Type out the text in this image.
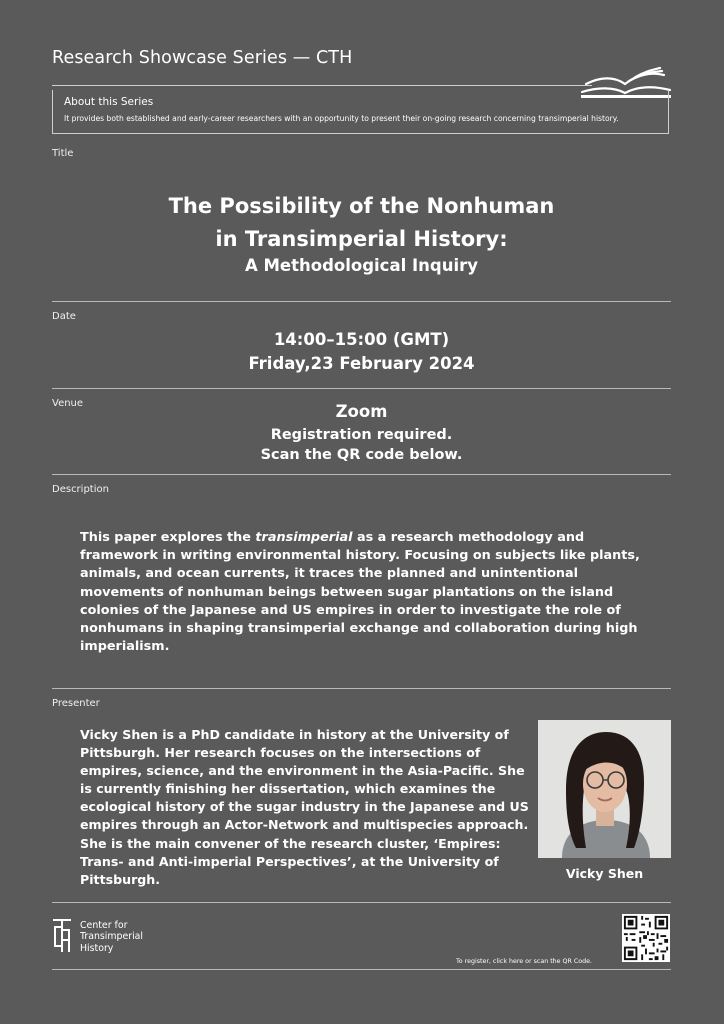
Research Showcase Series — CTH
About this Series
It provides both established and early-career researchers with an opportunity to present their on-going research concerning transimperial history.
Title
The Possibility of the Nonhuman
in Transimperial History:
A Methodological Inquiry
Date
14:00–15:00 (GMT)
Friday,23 February 2024
Venue	Zoom
Registration required.
Scan the QR code below.
Description
This paper explores the transimperial as a research methodology and framework in writing environmental history. Focusing on subjects like plants, animals, and ocean currents, it traces the planned and unintentional movements of nonhuman beings between sugar plantations on the island colonies of the Japanese and US empires in order to investigate the role of nonhumans in shaping transimperial exchange and collaboration during high imperialism.
Presenter
Vicky Shen is a PhD candidate in history at the University of Pittsburgh. Her research focuses on the intersections of empires, science, and the environment in the Asia-Pacific. She is currently finishing her dissertation, which examines the ecological history of the sugar industry in the Japanese and US empires through an Actor-Network and multispecies approach. She is the main convener of the research cluster, ‘Empires: Trans- and Anti-imperial Perspectives’, at the University of Pittsburgh.	Vicky Shen
Center for
Transimperial
History
To register, click here or scan the QR Code.
